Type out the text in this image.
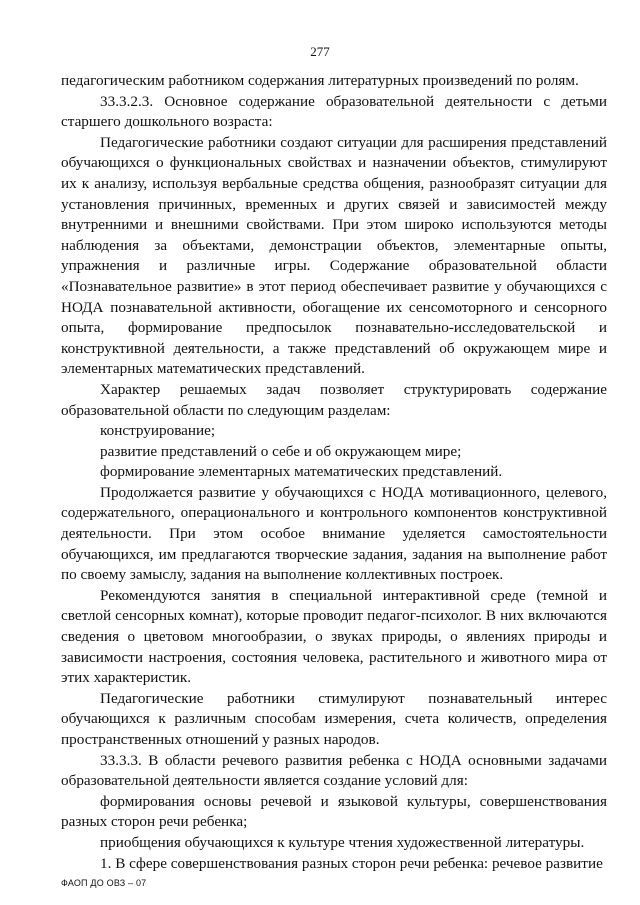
277

педагогическим работником содержания литературных произведений по ролям.

33.3.2.3. Основное содержание образовательной деятельности с детьми старшего дошкольного возраста:

Педагогические работники создают ситуации для расширения представлений обучающихся о функциональных свойствах и назначении объектов, стимулируют их к анализу, используя вербальные средства общения, разнообразят ситуации для установления причинных, временных и других связей и зависимостей между внутренними и внешними свойствами. При этом широко используются методы наблюдения за объектами, демонстрации объектов, элементарные опыты, упражнения и различные игры. Содержание образовательной области «Познавательное развитие» в этот период обеспечивает развитие у обучающихся с НОДА познавательной активности, обогащение их сенсомоторного и сенсорного опыта, формирование предпосылок познавательно-исследовательской и конструктивной деятельности, а также представлений об окружающем мире и элементарных математических представлений.

Характер решаемых задач позволяет структурировать содержание образовательной области по следующим разделам:

конструирование;

развитие представлений о себе и об окружающем мире;

формирование элементарных математических представлений.

Продолжается развитие у обучающихся с НОДА мотивационного, целевого, содержательного, операционального и контрольного компонентов конструктивной деятельности. При этом особое внимание уделяется самостоятельности обучающихся, им предлагаются творческие задания, задания на выполнение работ по своему замыслу, задания на выполнение коллективных построек.

Рекомендуются занятия в специальной интерактивной среде (темной и светлой сенсорных комнат), которые проводит педагог-психолог. В них включаются сведения о цветовом многообразии, о звуках природы, о явлениях природы и зависимости настроения, состояния человека, растительного и животного мира от этих характеристик.

Педагогические работники стимулируют познавательный интерес обучающихся к различным способам измерения, счета количеств, определения пространственных отношений у разных народов.

33.3.3. В области речевого развития ребенка с НОДА основными задачами образовательной деятельности является создание условий для:

формирования основы речевой и языковой культуры, совершенствования разных сторон речи ребенка;

приобщения обучающихся к культуре чтения художественной литературы.

1. В сфере совершенствования разных сторон речи ребенка: речевое развитие

ФАОП ДО ОВЗ – 07
